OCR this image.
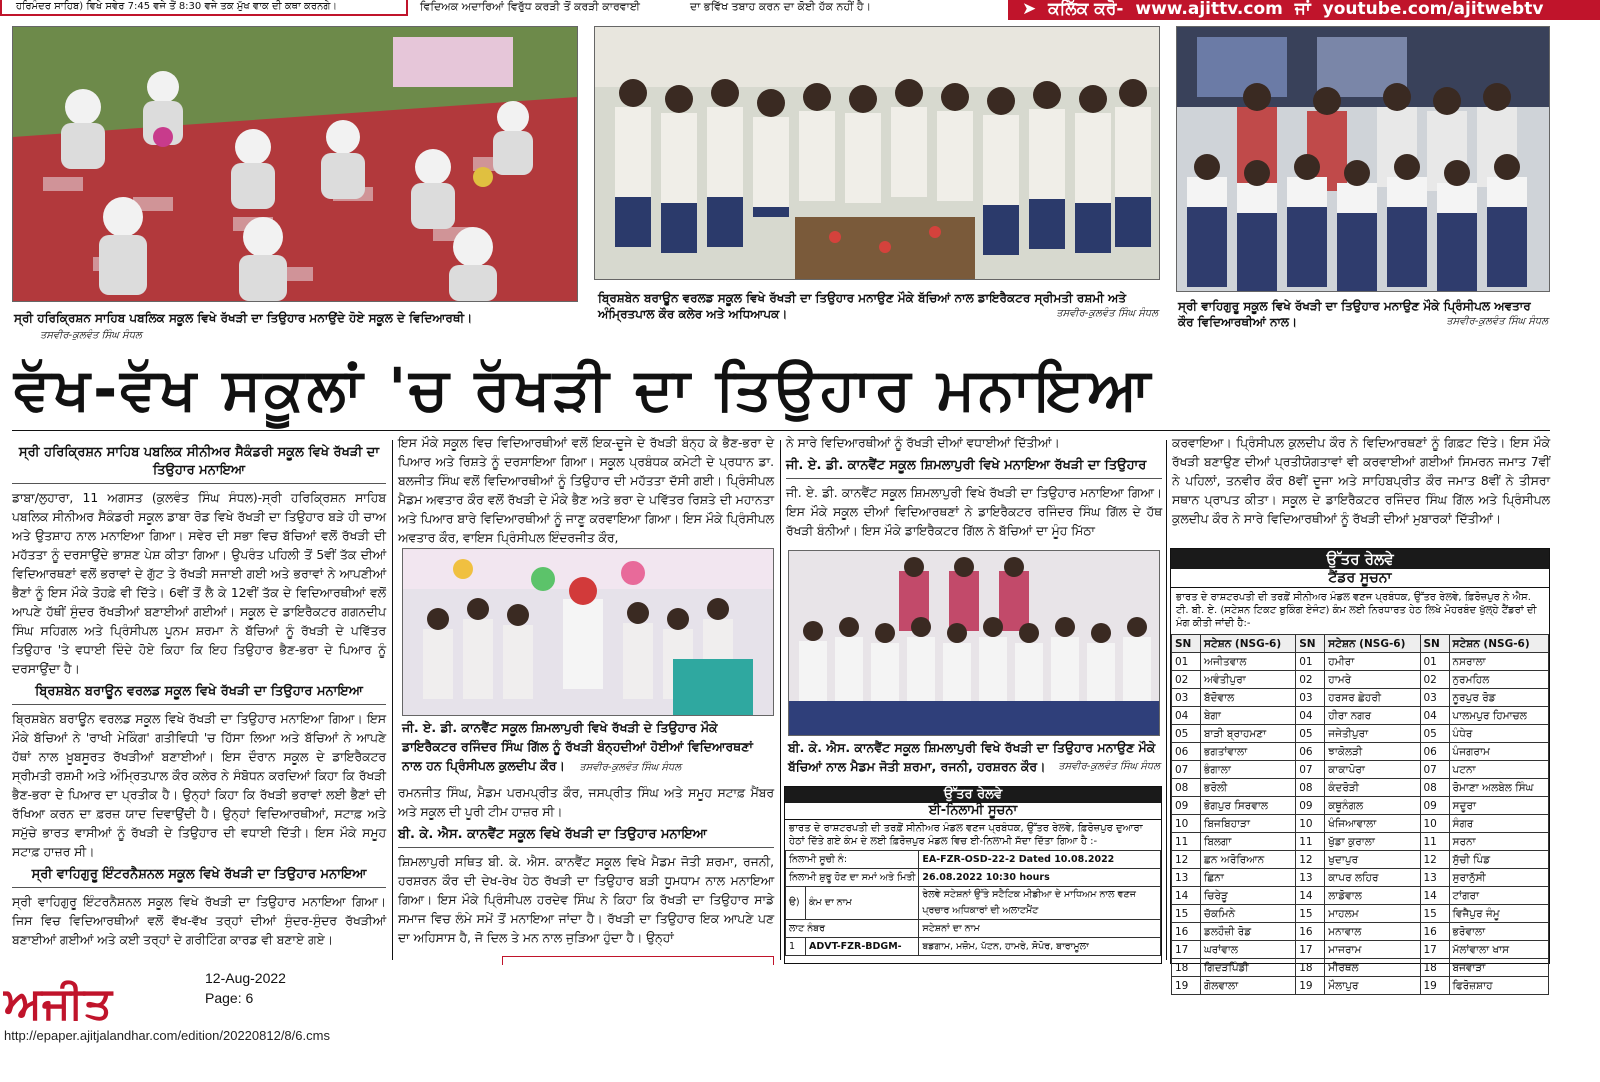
ਹਰਿਮੰਦਰ ਸਾਹਿਬ) ਵਿਖੇ ਸਵੇਰ 7:45 ਵਜੇ ਤੋਂ 8:30 ਵਜੇ ਤਕ ਮੁੱਖ ਵਾਕ ਦੀ ਕਥਾ ਕਰਨਗੇ।	ਵਿਦਿਅਕ ਅਦਾਰਿਆਂ ਵਿਰੁੱਧ ਕਰੜੀ ਤੋਂ ਕਰੜੀ ਕਾਰਵਾਈ	ਦਾ ਭਵਿੱਖ ਤਬਾਹ ਕਰਨ ਦਾ ਕੋਈ ਹੱਕ ਨਹੀਂ ਹੈ।	➤ ਕਲਿੱਕ ਕਰੋ- www.ajittv.com ਜਾਂ youtube.com/ajitwebtv
ਸ੍ਰੀ ਹਰਿਕ੍ਰਿਸ਼ਨ ਸਾਹਿਬ ਪਬਲਿਕ ਸਕੂਲ ਵਿਖੇ ਰੱਖੜੀ ਦਾ ਤਿਉਹਾਰ ਮਨਾਉਂਦੇ ਹੋਏ ਸਕੂਲ ਦੇ ਵਿਦਿਆਰਥੀ। ਤਸਵੀਰ-ਕੁਲਵੰਤ ਸਿੰਘ ਸੰਧਲ
ਬ੍ਰਿਸ਼ਬੇਨ ਬਰਾਊਨ ਵਰਲਡ ਸਕੂਲ ਵਿਖੇ ਰੱਖੜੀ ਦਾ ਤਿਉਹਾਰ ਮਨਾਉਣ ਮੌਕੇ ਬੱਚਿਆਂ ਨਾਲ ਡਾਇਰੈਕਟਰ ਸ੍ਰੀਮਤੀ ਰਸ਼ਮੀ ਅਤੇ ਅੰਮ੍ਰਿਤਪਾਲ ਕੌਰ ਕਲੇਰ ਅਤੇ ਅਧਿਆਪਕ।	ਤਸਵੀਰ-ਕੁਲਵੰਤ ਸਿੰਘ ਸੰਧਲ
ਸ੍ਰੀ ਵਾਹਿਗੁਰੂ ਸਕੂਲ ਵਿਖੇ ਰੱਖੜੀ ਦਾ ਤਿਉਹਾਰ ਮਨਾਉਣ ਮੌਕੇ ਪ੍ਰਿੰਸੀਪਲ ਅਵਤਾਰ ਕੌਰ ਵਿਦਿਆਰਥੀਆਂ ਨਾਲ।	ਤਸਵੀਰ-ਕੁਲਵੰਤ ਸਿੰਘ ਸੰਧਲ
ਵੱਖ-ਵੱਖ ਸਕੂਲਾਂ 'ਚ ਰੱਖੜੀ ਦਾ ਤਿਉਹਾਰ ਮਨਾਇਆ
ਸ੍ਰੀ ਹਰਿਕ੍ਰਿਸ਼ਨ ਸਾਹਿਬ ਪਬਲਿਕ ਸੀਨੀਅਰ ਸੈਕੰਡਰੀ ਸਕੂਲ ਵਿਖੇ ਰੱਖੜੀ ਦਾ ਤਿਉਹਾਰ ਮਨਾਇਆ

ਡਾਬਾ/ਲੁਹਾਰਾ, 11 ਅਗਸਤ (ਕੁਲਵੰਤ ਸਿੰਘ ਸੰਧਲ)-ਸ੍ਰੀ ਹਰਿਕ੍ਰਿਸ਼ਨ ਸਾਹਿਬ ਪਬਲਿਕ ਸੀਨੀਅਰ ਸੈਕੰਡਰੀ ਸਕੂਲ ਡਾਬਾ ਰੋਡ ਵਿਖੇ ਰੱਖੜੀ ਦਾ ਤਿਉਹਾਰ ਬੜੇ ਹੀ ਚਾਅ ਅਤੇ ਉਤਸ਼ਾਹ ਨਾਲ ਮਨਾਇਆ ਗਿਆ। ਸਵੇਰ ਦੀ ਸਭਾ ਵਿਚ ਬੱਚਿਆਂ ਵਲੋਂ ਰੱਖੜੀ ਦੀ ਮਹੱਤਤਾ ਨੂੰ ਦਰਸਾਉਂਦੇ ਭਾਸ਼ਣ ਪੇਸ਼ ਕੀਤਾ ਗਿਆ। ਉਪਰੰਤ ਪਹਿਲੀ ਤੋਂ 5ਵੀਂ ਤੱਕ ਦੀਆਂ ਵਿਦਿਆਰਥਣਾਂ ਵਲੋਂ ਭਰਾਵਾਂ ਦੇ ਗੁੱਟ ਤੇ ਰੱਖੜੀ ਸਜਾਈ ਗਈ ਅਤੇ ਭਰਾਵਾਂ ਨੇ ਆਪਣੀਆਂ ਭੈਣਾਂ ਨੂੰ ਇਸ ਮੌਕੇ ਤੋਹਫ਼ੇ ਵੀ ਦਿੱਤੇ। 6ਵੀਂ ਤੋਂ ਲੈ ਕੇ 12ਵੀਂ ਤੱਕ ਦੇ ਵਿਦਿਆਰਥੀਆਂ ਵਲੋਂ ਆਪਣੇ ਹੱਥੀਂ ਸੁੰਦਰ ਰੱਖੜੀਆਂ ਬਣਾਈਆਂ ਗਈਆਂ। ਸਕੂਲ ਦੇ ਡਾਇਰੈਕਟਰ ਗਗਨਦੀਪ ਸਿੰਘ ਸਹਿਗਲ ਅਤੇ ਪ੍ਰਿੰਸੀਪਲ ਪੂਨਮ ਸ਼ਰਮਾ ਨੇ ਬੱਚਿਆਂ ਨੂੰ ਰੱਖੜੀ ਦੇ ਪਵਿੱਤਰ ਤਿਉਹਾਰ 'ਤੇ ਵਧਾਈ ਦਿੰਦੇ ਹੋਏ ਕਿਹਾ ਕਿ ਇਹ ਤਿਉਹਾਰ ਭੈਣ-ਭਰਾ ਦੇ ਪਿਆਰ ਨੂੰ ਦਰਸਾਉਂਦਾ ਹੈ।

ਬ੍ਰਿਸ਼ਬੇਨ ਬਰਾਊਨ ਵਰਲਡ ਸਕੂਲ ਵਿਖੇ ਰੱਖੜੀ ਦਾ ਤਿਉਹਾਰ ਮਨਾਇਆ

ਬ੍ਰਿਸ਼ਬੇਨ ਬਰਾਊਨ ਵਰਲਡ ਸਕੂਲ ਵਿਖੇ ਰੱਖੜੀ ਦਾ ਤਿਉਹਾਰ ਮਨਾਇਆ ਗਿਆ। ਇਸ ਮੌਕੇ ਬੱਚਿਆਂ ਨੇ 'ਰਾਖੀ ਮੇਕਿੰਗ' ਗਤੀਵਿਧੀ 'ਚ ਹਿੱਸਾ ਲਿਆ ਅਤੇ ਬੱਚਿਆਂ ਨੇ ਆਪਣੇ ਹੱਥਾਂ ਨਾਲ ਖ਼ੂਬਸੂਰਤ ਰੱਖੜੀਆਂ ਬਣਾਈਆਂ। ਇਸ ਦੌਰਾਨ ਸਕੂਲ ਦੇ ਡਾਇਰੈਕਟਰ ਸ੍ਰੀਮਤੀ ਰਸ਼ਮੀ ਅਤੇ ਅੰਮ੍ਰਿਤਪਾਲ ਕੌਰ ਕਲੇਰ ਨੇ ਸੰਬੋਧਨ ਕਰਦਿਆਂ ਕਿਹਾ ਕਿ ਰੱਖੜੀ ਭੈਣ-ਭਰਾ ਦੇ ਪਿਆਰ ਦਾ ਪ੍ਰਤੀਕ ਹੈ। ਉਨ੍ਹਾਂ ਕਿਹਾ ਕਿ ਰੱਖੜੀ ਭਰਾਵਾਂ ਲਈ ਭੈਣਾਂ ਦੀ ਰੱਖਿਆ ਕਰਨ ਦਾ ਫ਼ਰਜ਼ ਯਾਦ ਦਿਵਾਉਂਦੀ ਹੈ। ਉਨ੍ਹਾਂ ਵਿਦਿਆਰਥੀਆਂ, ਸਟਾਫ਼ ਅਤੇ ਸਮੁੱਚੇ ਭਾਰਤ ਵਾਸੀਆਂ ਨੂੰ ਰੱਖੜੀ ਦੇ ਤਿਉਹਾਰ ਦੀ ਵਧਾਈ ਦਿੱਤੀ। ਇਸ ਮੌਕੇ ਸਮੂਹ ਸਟਾਫ਼ ਹਾਜ਼ਰ ਸੀ।

ਸ੍ਰੀ ਵਾਹਿਗੁਰੂ ਇੰਟਰਨੈਸ਼ਨਲ ਸਕੂਲ ਵਿਖੇ ਰੱਖੜੀ ਦਾ ਤਿਉਹਾਰ ਮਨਾਇਆ

ਸ੍ਰੀ ਵਾਹਿਗੁਰੂ ਇੰਟਰਨੈਸ਼ਨਲ ਸਕੂਲ ਵਿਖੇ ਰੱਖੜੀ ਦਾ ਤਿਉਹਾਰ ਮਨਾਇਆ ਗਿਆ। ਜਿਸ ਵਿਚ ਵਿਦਿਆਰਥੀਆਂ ਵਲੋਂ ਵੱਖ-ਵੱਖ ਤਰ੍ਹਾਂ ਦੀਆਂ ਸੁੰਦਰ-ਸੁੰਦਰ ਰੱਖੜੀਆਂ ਬਣਾਈਆਂ ਗਈਆਂ ਅਤੇ ਕਈ ਤਰ੍ਹਾਂ ਦੇ ਗਰੀਟਿੰਗ ਕਾਰਡ ਵੀ ਬਣਾਏ ਗਏ।

ਇਸ ਮੌਕੇ ਸਕੂਲ ਵਿਚ ਵਿਦਿਆਰਥੀਆਂ ਵਲੋਂ ਇਕ-ਦੂਜੇ ਦੇ ਰੱਖੜੀ ਬੰਨ੍ਹ ਕੇ ਭੈਣ-ਭਰਾ ਦੇ ਪਿਆਰ ਅਤੇ ਰਿਸ਼ਤੇ ਨੂੰ ਦਰਸਾਇਆ ਗਿਆ। ਸਕੂਲ ਪ੍ਰਬੰਧਕ ਕਮੇਟੀ ਦੇ ਪ੍ਰਧਾਨ ਡਾ. ਬਲਜੀਤ ਸਿੰਘ ਵਲੋਂ ਵਿਦਿਆਰਥੀਆਂ ਨੂੰ ਤਿਉਹਾਰ ਦੀ ਮਹੱਤਤਾ ਦੱਸੀ ਗਈ। ਪ੍ਰਿੰਸੀਪਲ ਮੈਡਮ ਅਵਤਾਰ ਕੌਰ ਵਲੋਂ ਰੱਖੜੀ ਦੇ ਮੌਕੇ ਭੈਣ ਅਤੇ ਭਰਾ ਦੇ ਪਵਿੱਤਰ ਰਿਸ਼ਤੇ ਦੀ ਮਹਾਨਤਾ ਅਤੇ ਪਿਆਰ ਬਾਰੇ ਵਿਦਿਆਰਥੀਆਂ ਨੂੰ ਜਾਣੂ ਕਰਵਾਇਆ ਗਿਆ। ਇਸ ਮੌਕੇ ਪ੍ਰਿੰਸੀਪਲ ਅਵਤਾਰ ਕੌਰ, ਵਾਇਸ ਪ੍ਰਿੰਸੀਪਲ ਇੰਦਰਜੀਤ ਕੌਰ,

ਜੀ. ਏ. ਡੀ. ਕਾਨਵੈਂਟ ਸਕੂਲ ਸ਼ਿਮਲਾਪੁਰੀ ਵਿਖੇ ਰੱਖੜੀ ਦੇ ਤਿਉਹਾਰ ਮੌਕੇ ਡਾਇਰੈਕਟਰ ਰਜਿੰਦਰ ਸਿੰਘ ਗਿੱਲ ਨੂੰ ਰੱਖੜੀ ਬੰਨ੍ਹਦੀਆਂ ਹੋਈਆਂ ਵਿਦਿਆਰਥਣਾਂ ਨਾਲ ਹਨ ਪ੍ਰਿੰਸੀਪਲ ਕੁਲਦੀਪ ਕੌਰ। ਤਸਵੀਰ-ਕੁਲਵੰਤ ਸਿੰਘ ਸੰਧਲ

ਰਮਨਜੀਤ ਸਿੰਘ, ਮੈਡਮ ਪਰਮਪ੍ਰੀਤ ਕੌਰ, ਜਸਪ੍ਰੀਤ ਸਿੰਘ ਅਤੇ ਸਮੂਹ ਸਟਾਫ਼ ਮੈਂਬਰ ਅਤੇ ਸਕੂਲ ਦੀ ਪੂਰੀ ਟੀਮ ਹਾਜ਼ਰ ਸੀ।

ਬੀ. ਕੇ. ਐਸ. ਕਾਨਵੈਂਟ ਸਕੂਲ ਵਿਖੇ ਰੱਖੜੀ ਦਾ ਤਿਉਹਾਰ ਮਨਾਇਆ

ਸ਼ਿਮਲਾਪੁਰੀ ਸਥਿਤ ਬੀ. ਕੇ. ਐਸ. ਕਾਨਵੈਂਟ ਸਕੂਲ ਵਿਖੇ ਮੈਡਮ ਜੋਤੀ ਸ਼ਰਮਾ, ਰਜਨੀ, ਹਰਸ਼ਰਨ ਕੌਰ ਦੀ ਦੇਖ-ਰੇਖ ਹੇਠ ਰੱਖੜੀ ਦਾ ਤਿਉਹਾਰ ਬੜੀ ਧੂਮਧਾਮ ਨਾਲ ਮਨਾਇਆ ਗਿਆ। ਇਸ ਮੌਕੇ ਪ੍ਰਿੰਸੀਪਲ ਹਰਦੇਵ ਸਿੰਘ ਨੇ ਕਿਹਾ ਕਿ ਰੱਖੜੀ ਦਾ ਤਿਉਹਾਰ ਸਾਡੇ ਸਮਾਜ ਵਿਚ ਲੰਮੇ ਸਮੇਂ ਤੋਂ ਮਨਾਇਆ ਜਾਂਦਾ ਹੈ। ਰੱਖੜੀ ਦਾ ਤਿਉਹਾਰ ਇਕ ਆਪਣੇ ਪਣ ਦਾ ਅਹਿਸਾਸ ਹੈ, ਜੋ ਦਿਲ ਤੇ ਮਨ ਨਾਲ ਜੁੜਿਆ ਹੁੰਦਾ ਹੈ। ਉਨ੍ਹਾਂ

ਨੇ ਸਾਰੇ ਵਿਦਿਆਰਥੀਆਂ ਨੂੰ ਰੱਖੜੀ ਦੀਆਂ ਵਧਾਈਆਂ ਦਿੱਤੀਆਂ।

ਜੀ. ਏ. ਡੀ. ਕਾਨਵੈਂਟ ਸਕੂਲ ਸ਼ਿਮਲਾਪੁਰੀ ਵਿਖੇ ਮਨਾਇਆ ਰੱਖੜੀ ਦਾ ਤਿਉਹਾਰ

ਜੀ. ਏ. ਡੀ. ਕਾਨਵੈਂਟ ਸਕੂਲ ਸ਼ਿਮਲਾਪੁਰੀ ਵਿਖੇ ਰੱਖੜੀ ਦਾ ਤਿਉਹਾਰ ਮਨਾਇਆ ਗਿਆ। ਇਸ ਮੌਕੇ ਸਕੂਲ ਦੀਆਂ ਵਿਦਿਆਰਥਣਾਂ ਨੇ ਡਾਇਰੈਕਟਰ ਰਜਿੰਦਰ ਸਿੰਘ ਗਿੱਲ ਦੇ ਹੱਥ ਰੱਖੜੀ ਬੰਨੀਆਂ। ਇਸ ਮੌਕੇ ਡਾਇਰੈਕਟਰ ਗਿੱਲ ਨੇ ਬੱਚਿਆਂ ਦਾ ਮੂੰਹ ਮਿੱਠਾ

ਬੀ. ਕੇ. ਐਸ. ਕਾਨਵੈਂਟ ਸਕੂਲ ਸ਼ਿਮਲਾਪੁਰੀ ਵਿਖੇ ਰੱਖੜੀ ਦਾ ਤਿਉਹਾਰ ਮਨਾਉਣ ਮੌਕੇ ਬੱਚਿਆਂ ਨਾਲ ਮੈਡਮ ਜੋਤੀ ਸ਼ਰਮਾ, ਰਜਨੀ, ਹਰਸ਼ਰਨ ਕੌਰ। ਤਸਵੀਰ-ਕੁਲਵੰਤ ਸਿੰਘ ਸੰਧਲ
ਉੱਤਰ ਰੇਲਵੇ
ਈ-ਨਿਲਾਮੀ ਸੂਚਨਾ
ਭਾਰਤ ਦੇ ਰਾਸ਼ਟਰਪਤੀ ਦੀ ਤਰਫ਼ੋਂ ਸੀਨੀਅਰ ਮੰਡਲ ਵਣਜ ਪ੍ਰਬੰਧਕ, ਉੱਤਰ ਰੇਲਵੇ, ਫ਼ਿਰੋਜ਼ਪੁਰ ਦੁਆਰਾ ਹੇਠਾਂ ਦਿੱਤੇ ਗਏ ਕੰਮ ਦੇ ਲਈ ਫ਼ਿਰੋਜ਼ਪੁਰ ਮੰਡਲ ਵਿਚ ਈ-ਨਿਲਾਮੀ ਸੱਦਾ ਦਿੱਤਾ ਗਿਆ ਹੈ :-
ਨਿਲਾਮੀ ਸੂਚੀ ਨੰ:		EA-FZR-OSD-22-2 Dated 10.08.2022
ਨਿਲਾਮੀ ਸ਼ੁਰੂ ਹੋਣ ਦਾ ਸਮਾਂ ਅਤੇ ਮਿਤੀ		26.08.2022 10:30 hours
ੳ)	ਕੰਮ ਦਾ ਨਾਮ	ਰੇਲਵੇ ਸਟੇਸ਼ਨਾਂ ਉੱਤੇ ਸਟੈਟਿਕ ਮੀਡੀਆ ਦੇ ਮਾਧਿਅਮ ਨਾਲ ਵਣਜ ਪ੍ਰਚਾਰ ਅਧਿਕਾਰਾਂ ਦੀ ਅਲਾਟਮੈਂਟ
ਲਾਟ ਨੰਬਰ		ਸਟੇਸ਼ਨਾਂ ਦਾ ਨਾਮ
1	ADVT-FZR-BDGM-	ਬਡਗਾਮ, ਮਜ਼ੋਮ, ਪੱਟਨ, ਹਾਮਰੇ, ਸੋਪੋਰ, ਬਾਰਾਮੂਲਾ

ਕਰਵਾਇਆ। ਪ੍ਰਿੰਸੀਪਲ ਕੁਲਦੀਪ ਕੌਰ ਨੇ ਵਿਦਿਆਰਥਣਾਂ ਨੂੰ ਗਿਫ਼ਟ ਦਿੱਤੇ। ਇਸ ਮੌਕੇ ਰੱਖੜੀ ਬਣਾਉਣ ਦੀਆਂ ਪ੍ਰਤੀਯੋਗਤਾਵਾਂ ਵੀ ਕਰਵਾਈਆਂ ਗਈਆਂ ਸਿਮਰਨ ਜਮਾਤ 7ਵੀਂ ਨੇ ਪਹਿਲਾਂ, ਤਨਵੀਰ ਕੌਰ 8ਵੀਂ ਦੂਜਾ ਅਤੇ ਸਾਹਿਬਪ੍ਰੀਤ ਕੌਰ ਜਮਾਤ 8ਵੀਂ ਨੇ ਤੀਸਰਾ ਸਥਾਨ ਪ੍ਰਾਪਤ ਕੀਤਾ। ਸਕੂਲ ਦੇ ਡਾਇਰੈਕਟਰ ਰਜਿੰਦਰ ਸਿੰਘ ਗਿੱਲ ਅਤੇ ਪ੍ਰਿੰਸੀਪਲ ਕੁਲਦੀਪ ਕੌਰ ਨੇ ਸਾਰੇ ਵਿਦਿਆਰਥੀਆਂ ਨੂੰ ਰੱਖੜੀ ਦੀਆਂ ਮੁਬਾਰਕਾਂ ਦਿੱਤੀਆਂ।

ਉੱਤਰ ਰੇਲਵੇ
ਟੈਂਡਰ ਸੂਚਨਾ
ਭਾਰਤ ਦੇ ਰਾਸ਼ਟਰਪਤੀ ਦੀ ਤਰਫ਼ੋਂ ਸੀਨੀਅਰ ਮੰਡਲ ਵਣਜ ਪ੍ਰਬੰਧਕ, ਉੱਤਰ ਰੇਲਵੇ, ਫ਼ਿਰੋਜ਼ਪੁਰ ਨੇ ਐਸ. ਟੀ. ਬੀ. ਏ. (ਸਟੇਸ਼ਨ ਟਿਕਟ ਬੁਕਿੰਗ ਏਜੰਟ) ਕੰਮ ਲਈ ਨਿਰਧਾਰਤ ਹੇਠ ਲਿਖੇ ਮੋਹਰਬੰਦ ਖੁੱਲ੍ਹੇ ਟੈਂਡਰਾਂ ਦੀ ਮੰਗ ਕੀਤੀ ਜਾਂਦੀ ਹੈ:-
SN	ਸਟੇਸ਼ਨ (NSG-6)	SN	ਸਟੇਸ਼ਨ (NSG-6)	SN	ਸਟੇਸ਼ਨ (NSG-6)
01	ਅਜੀਤਵਾਲ	01	ਹਮੀਰਾ	01	ਨਸਰਾਲਾ
02	ਅਵੰਤੀਪੁਰਾ	02	ਹਾਮਰੇ	02	ਨੁਰਮਹਿਲ
03	ਬੱਦੋਵਾਲ	03	ਹਰਸਰ ਛੇਹਰੀ	03	ਨੂਰਪੁਰ ਰੋਡ
04	ਬੇਗਾ	04	ਹੀਰਾ ਨਗਰ	04	ਪਾਲਮਪੁਰ ਹਿਮਾਚਲ
05	ਬਾੜੀ ਬ੍ਰਾਹਮਣਾ	05	ਜਜੇਤੀਪੁਰਾ	05	ਪੰਧੇਰ
06	ਭਗਤਾਂਵਾਲਾ	06	ਝਾਕੋਲੜੀ	06	ਪੰਜਗਰਾਮ
07	ਭੰਗਾਲਾ	07	ਕਾਕਾਪੋਰਾ	07	ਪਟਨਾ
08	ਭਰੋਲੀ	08	ਕੰਦਰੋੜੀ	08	ਰੋਮਾਣਾ ਅਲਬੇਲ ਸਿੰਘ
09	ਭੋਗਪੁਰ ਸਿਰਵਾਲ	09	ਕਥੂਨੰਗਲ	09	ਸਦੂਰਾ
10	ਬਿਜਬਿਹਾੜਾ	10	ਖੰਜਿਆਵਾਲਾ	10	ਸੰਗਰ
11	ਬਿਲਗਾ	11	ਖੁੱਡਾ ਕੁਰਾਲਾ	11	ਸਰਨਾ
12	ਛਨ ਅਰੋਰਿਆਨ	12	ਖੁਦਾਪੁਰ	12	ਸੁੱਚੀ ਪਿੰਡ
13	ਛਿਨਾ	13	ਕਾਪਰ ਲਹਿਰ	13	ਸੁਰਾਨੁੱਸੀ
14	ਚਿਰੇੜੂ	14	ਲਾਡੋਵਾਲ	14	ਟਾਂਗਰਾ
15	ਚੱਕਮਿਨੇ	15	ਮਾਹਲਮ	15	ਵਿਜੈਪੁਰ ਜੰਮੂ
16	ਡਲਹੌਜ਼ੀ ਰੋਡ	16	ਮਨਾਵਾਲ	16	ਭਰੋਵਾਲਾ
17	ਘਰਾਂਵਾਲ	17	ਮਾਜਰਾਮ	17	ਮੱਲਾਂਵਾਲਾ ਖਾਸ
18	ਗਿਦੜਪਿੰਡੀ	18	ਮੀਰਥਲ	18	ਬਜਵਾੜਾ
19	ਗੋਲਵਾਲਾ	19	ਮੌਲਾਪੁਰ	19	ਫਿਰੋਜ਼ਸ਼ਾਹ
ਅਜੀਤ	12-Aug-2022
Page: 6
http://epaper.ajitjalandhar.com/edition/20220812/8/6.cms
